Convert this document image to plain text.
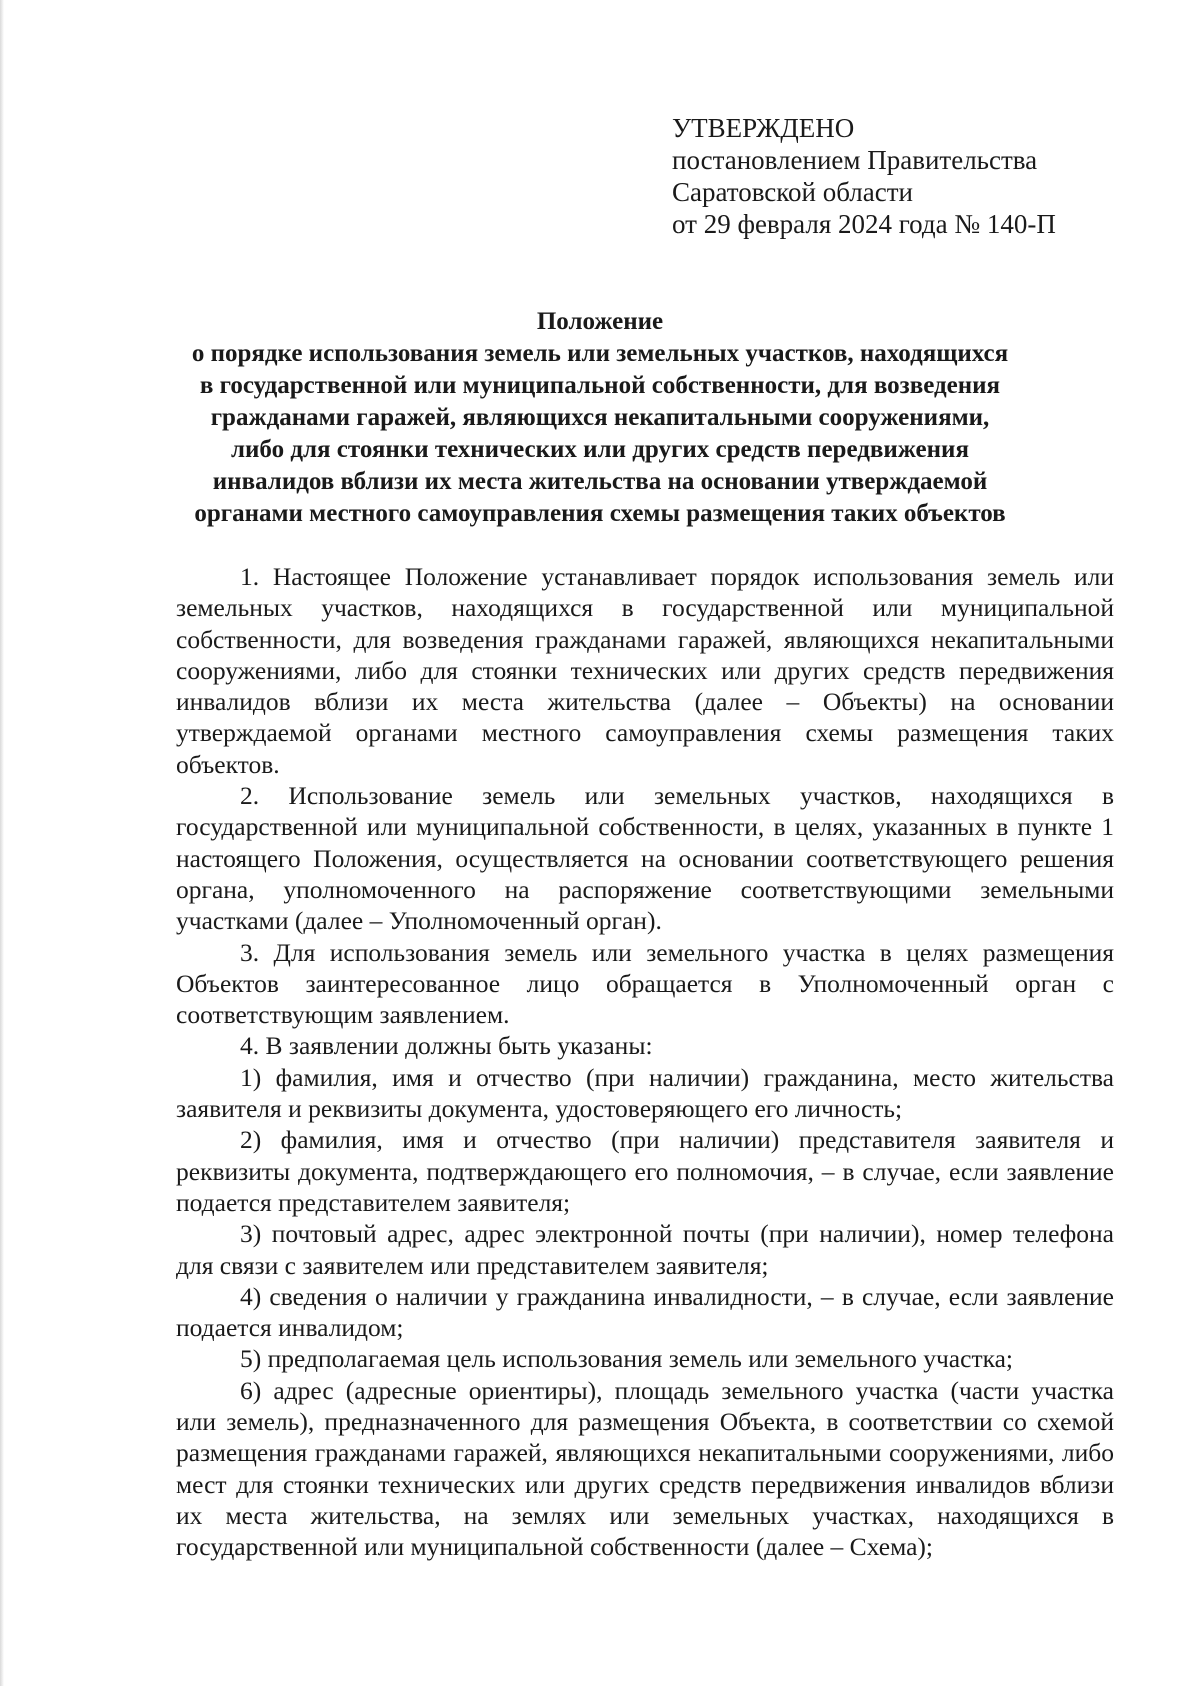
УТВЕРЖДЕНО
постановлением Правительства
Саратовской области
от 29 февраля 2024 года № 140-П
Положение
о порядке использования земель или земельных участков, находящихся
в государственной или муниципальной собственности, для возведения
гражданами гаражей, являющихся некапитальными сооружениями,
либо для стоянки технических или других средств передвижения
инвалидов вблизи их места жительства на основании утверждаемой
органами местного самоуправления схемы размещения таких объектов

1. Настоящее Положение устанавливает порядок использования земель или земельных участков, находящихся в государственной или муниципальной собственности, для возведения гражданами гаражей, являющихся некапитальными сооружениями, либо для стоянки технических или других средств передвижения инвалидов вблизи их места жительства (далее – Объекты) на основании утверждаемой органами местного самоуправления схемы размещения таких объектов.

2. Использование земель или земельных участков, находящихся в государственной или муниципальной собственности, в целях, указанных в пункте 1 настоящего Положения, осуществляется на основании соответствующего решения органа, уполномоченного на распоряжение соответствующими земельными участками (далее – Уполномоченный орган).

3. Для использования земель или земельного участка в целях размещения Объектов заинтересованное лицо обращается в Уполномоченный орган с соответствующим заявлением.

4. В заявлении должны быть указаны:

1) фамилия, имя и отчество (при наличии) гражданина, место жительства заявителя и реквизиты документа, удостоверяющего его личность;

2) фамилия, имя и отчество (при наличии) представителя заявителя и реквизиты документа, подтверждающего его полномочия, – в случае, если заявление подается представителем заявителя;

3) почтовый адрес, адрес электронной почты (при наличии), номер телефона для связи с заявителем или представителем заявителя;

4) сведения о наличии у гражданина инвалидности, – в случае, если заявление подается инвалидом;

5) предполагаемая цель использования земель или земельного участка;

6) адрес (адресные ориентиры), площадь земельного участка (части участка или земель), предназначенного для размещения Объекта, в соответствии со схемой размещения гражданами гаражей, являющихся некапитальными сооружениями, либо мест для стоянки технических или других средств передвижения инвалидов вблизи их места жительства, на землях или земельных участках, находящихся в государственной или муниципальной собственности (далее – Схема);
